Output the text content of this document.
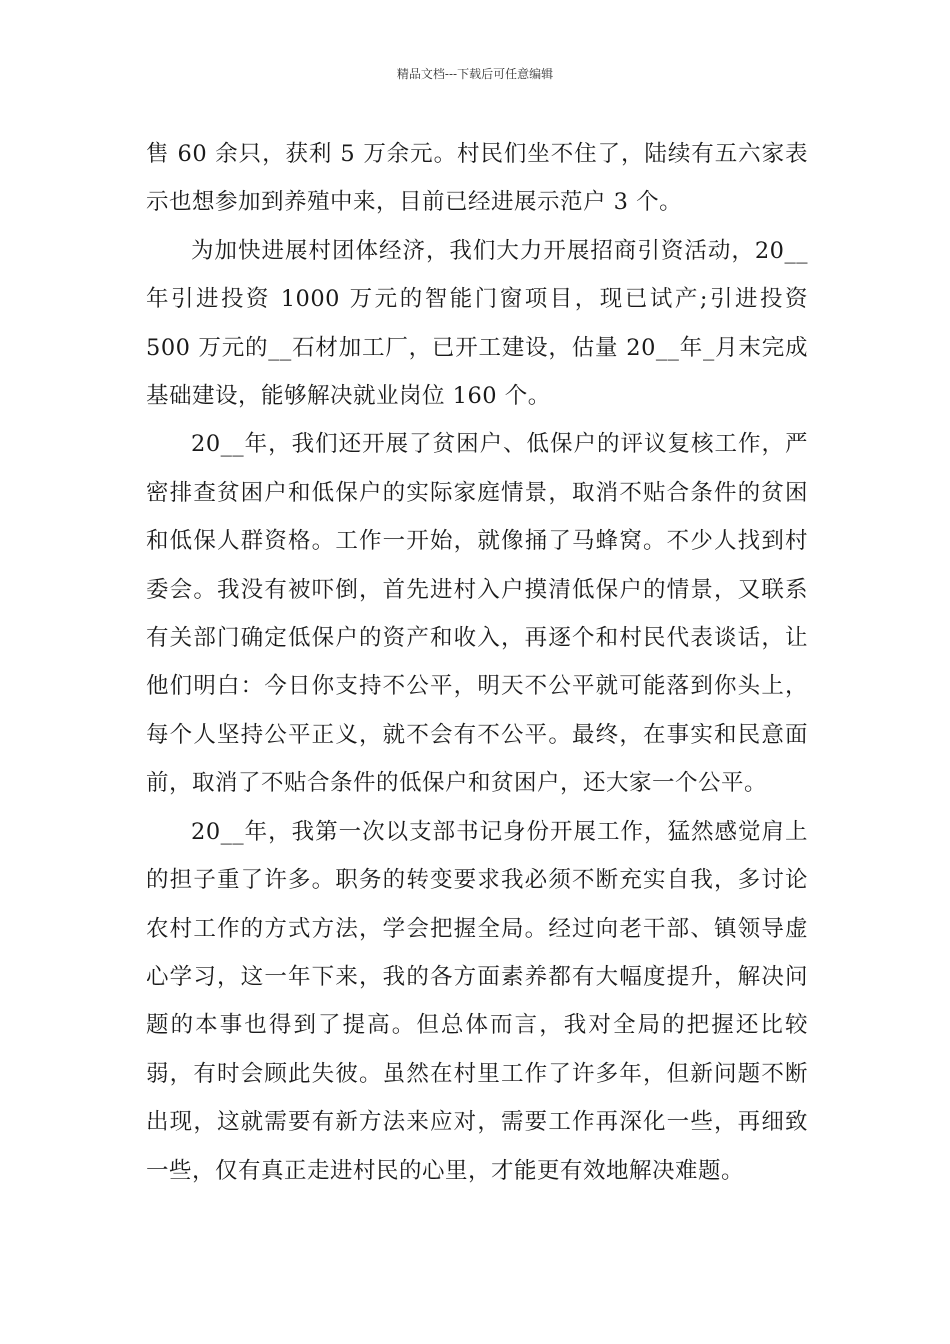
精品文档---下载后可任意编辑

售 60 余只，获利 5 万余元。村民们坐不住了，陆续有五六家表示也想参加到养殖中来，目前已经进展示范户 3 个。

为加快进展村团体经济，我们大力开展招商引资活动，20__年引进投资 1000 万元的智能门窗项目，现已试产;引进投资 500 万元的__石材加工厂，已开工建设，估量 20__年_月末完成基础建设，能够解决就业岗位 160 个。

20__年，我们还开展了贫困户、低保户的评议复核工作，严密排查贫困户和低保户的实际家庭情景，取消不贴合条件的贫困和低保人群资格。工作一开始，就像捅了马蜂窝。不少人找到村委会。我没有被吓倒，首先进村入户摸清低保户的情景，又联系有关部门确定低保户的资产和收入，再逐个和村民代表谈话，让他们明白：今日你支持不公平，明天不公平就可能落到你头上，每个人坚持公平正义，就不会有不公平。最终，在事实和民意面前，取消了不贴合条件的低保户和贫困户，还大家一个公平。

20__年，我第一次以支部书记身份开展工作，猛然感觉肩上的担子重了许多。职务的转变要求我必须不断充实自我，多讨论农村工作的方式方法，学会把握全局。经过向老干部、镇领导虚心学习，这一年下来，我的各方面素养都有大幅度提升，解决问题的本事也得到了提高。但总体而言，我对全局的把握还比较弱，有时会顾此失彼。虽然在村里工作了许多年，但新问题不断出现，这就需要有新方法来应对，需要工作再深化一些，再细致一些，仅有真正走进村民的心里，才能更有效地解决难题。
